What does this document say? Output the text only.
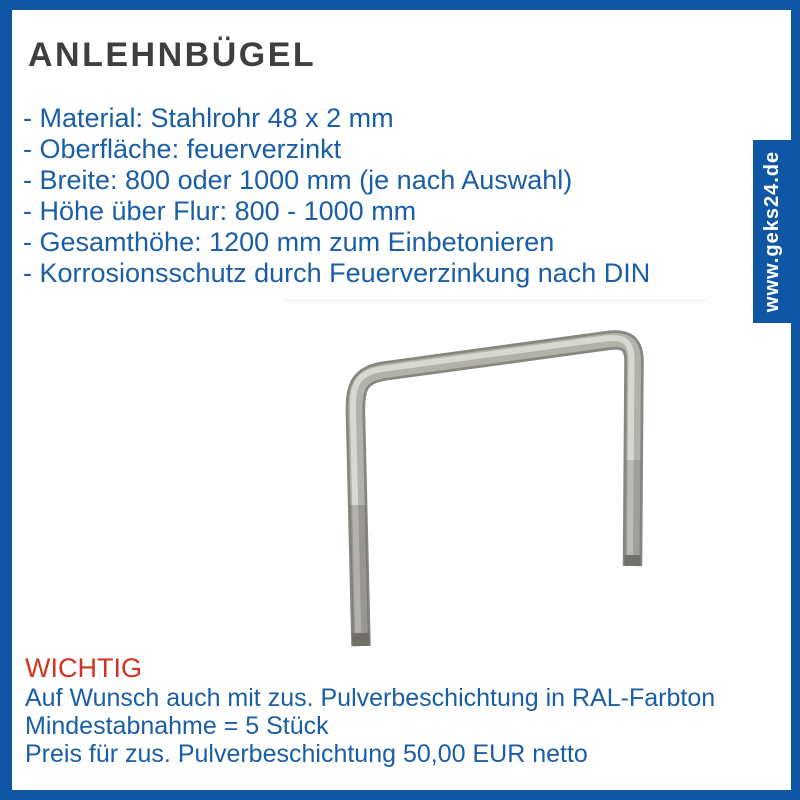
ANLEHNBÜGEL
- Material: Stahlrohr 48 x 2 mm
- Oberfläche: feuerverzinkt
- Breite: 800 oder 1000 mm (je nach Auswahl)
- Höhe über Flur: 800 - 1000 mm
- Gesamthöhe: 1200 mm zum Einbetonieren
- Korrosionsschutz durch Feuerverzinkung nach DIN	www.geks24.de
WICHTIG
Auf Wunsch auch mit zus. Pulverbeschichtung in RAL-Farbton
Mindestabnahme = 5 Stück
Preis für zus. Pulverbeschichtung 50,00 EUR netto
